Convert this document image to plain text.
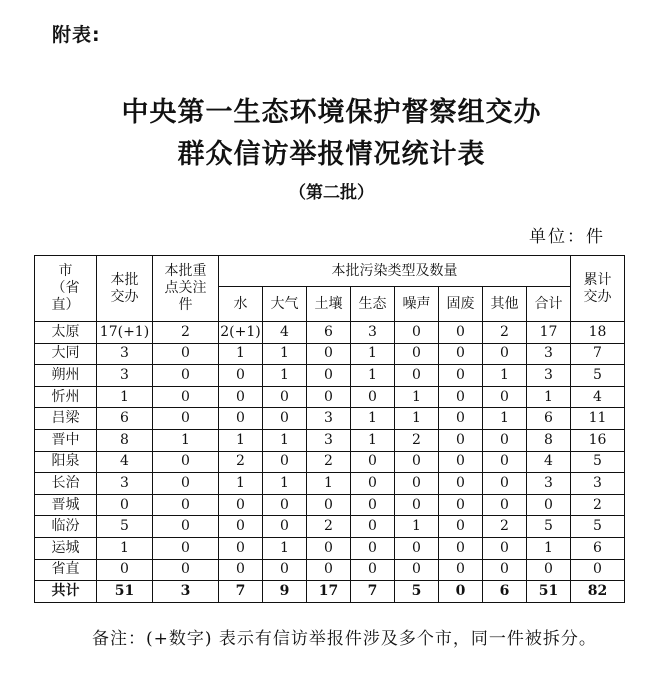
附表:
中央第一生态环境保护督察组交办
群众信访举报情况统计表
（第二批）
单位：件
市（省直）	本批交办	本批重点关注件	本批污染类型及数量								累计交办
			水	大气	土壤	生态	噪声	固废	其他	合计	
太原	17(+1)	2	2(+1)	4	6	3	0	0	2	17	18
大同	3	0	1	1	0	1	0	0	0	3	7
朔州	3	0	0	1	0	1	0	0	1	3	5
忻州	1	0	0	0	0	0	1	0	0	1	4
吕梁	6	0	0	0	3	1	1	0	1	6	11
晋中	8	1	1	1	3	1	2	0	0	8	16
阳泉	4	0	2	0	2	0	0	0	0	4	5
长治	3	0	1	1	1	0	0	0	0	3	3
晋城	0	0	0	0	0	0	0	0	0	0	2
临汾	5	0	0	0	2	0	1	0	2	5	5
运城	1	0	0	1	0	0	0	0	0	1	6
省直	0	0	0	0	0	0	0	0	0	0	0
共计	51	3	7	9	17	7	5	0	6	51	82
备注：(+数字) 表示有信访举报件涉及多个市，同一件被拆分。
